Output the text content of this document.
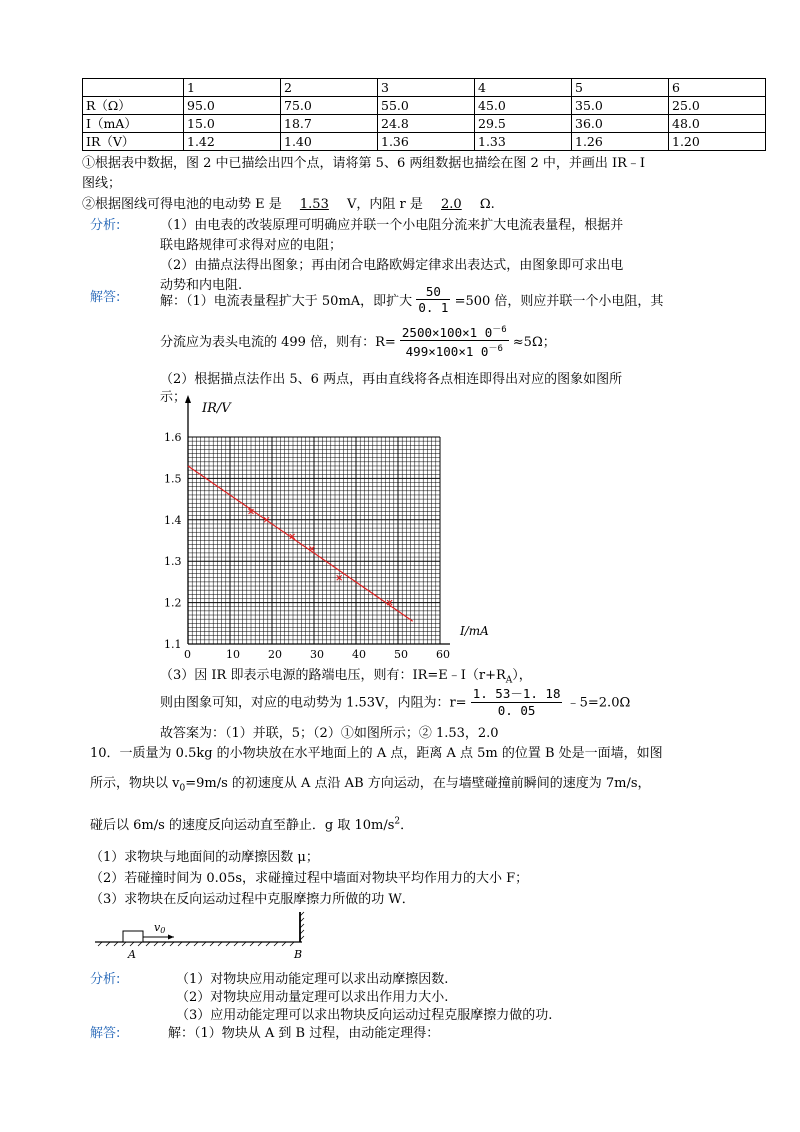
	1	2	3	4	5	6
R（Ω）	95.0	75.0	55.0	45.0	35.0	25.0
I（mA）	15.0	18.7	24.8	29.5	36.0	48.0
IR（V）	1.42	1.40	1.36	1.33	1.26	1.20
①根据表中数据，图 2 中已描绘出四个点，请将第 5、6 两组数据也描绘在图 2 中，并画出 IR﹣I
图线；
②根据图线可得电池的电动势 E 是 1.53 V，内阻 r 是 2.0 Ω.
分析:	（1）由电表的改装原理可明确应并联一个小电阻分流来扩大电流表量程，根据并
联电路规律可求得对应的电阻；
（2）由描点法得出图象；再由闭合电路欧姆定律求出表达式，由图象即可求出电
动势和内电阻.
解答:	解：（1）电流表量程扩大于 50mA，即扩大 $\frac{50}{0. 1} =500$ 倍，则应并联一个小电阻，其
分流应为表头电流的 499 倍，则有：$R= \frac{2500\times 100\times 1 0^{-6}}{499\times 100\times 1 0^{-6}} \approx 5\Omega$；
（2）根据描点法作出 5、6 两点，再由直线将各点相连即得出对应的图象如图所
示；
1.1
1.2
1.3
1.4
1.5
1.6
0	10	20	30	40	50	60
IR/V
I/mA
（3）因 IR 即表示电源的路端电压，则有：$IR=E﹣I(r+R_A)$，
则由图象可知，对应的电动势为 1.53V，内阻为：$r= \frac{1. 53-1. 18}{0. 05}$ ﹣5=2.0Ω
故答案为：（1）并联，5；（2）①如图所示；② 1.53，2.0
10．一质量为 0.5kg 的小物块放在水平地面上的 A 点，距离 A 点 5m 的位置 B 处是一面墙，如图
所示，物块以 $v_0=9m/s$ 的初速度从 A 点沿 AB 方向运动，在与墙壁碰撞前瞬间的速度为 7m/s，
碰后以 6m/s 的速度反向运动直至静止．g 取 $10m/s^2$．
（1）求物块与地面间的动摩擦因数 μ；
（2）若碰撞时间为 0.05s，求碰撞过程中墙面对物块平均作用力的大小 F；
（3）求物块在反向运动过程中克服摩擦力所做的功 W．
v0
A	B
分析:	（1）对物块应用动能定理可以求出动摩擦因数.
（2）对物块应用动量定理可以求出作用力大小.
（3）应用动能定理可以求出物块反向运动过程克服摩擦力做的功.
解答:	解：（1）物块从 A 到 B 过程，由动能定理得：
